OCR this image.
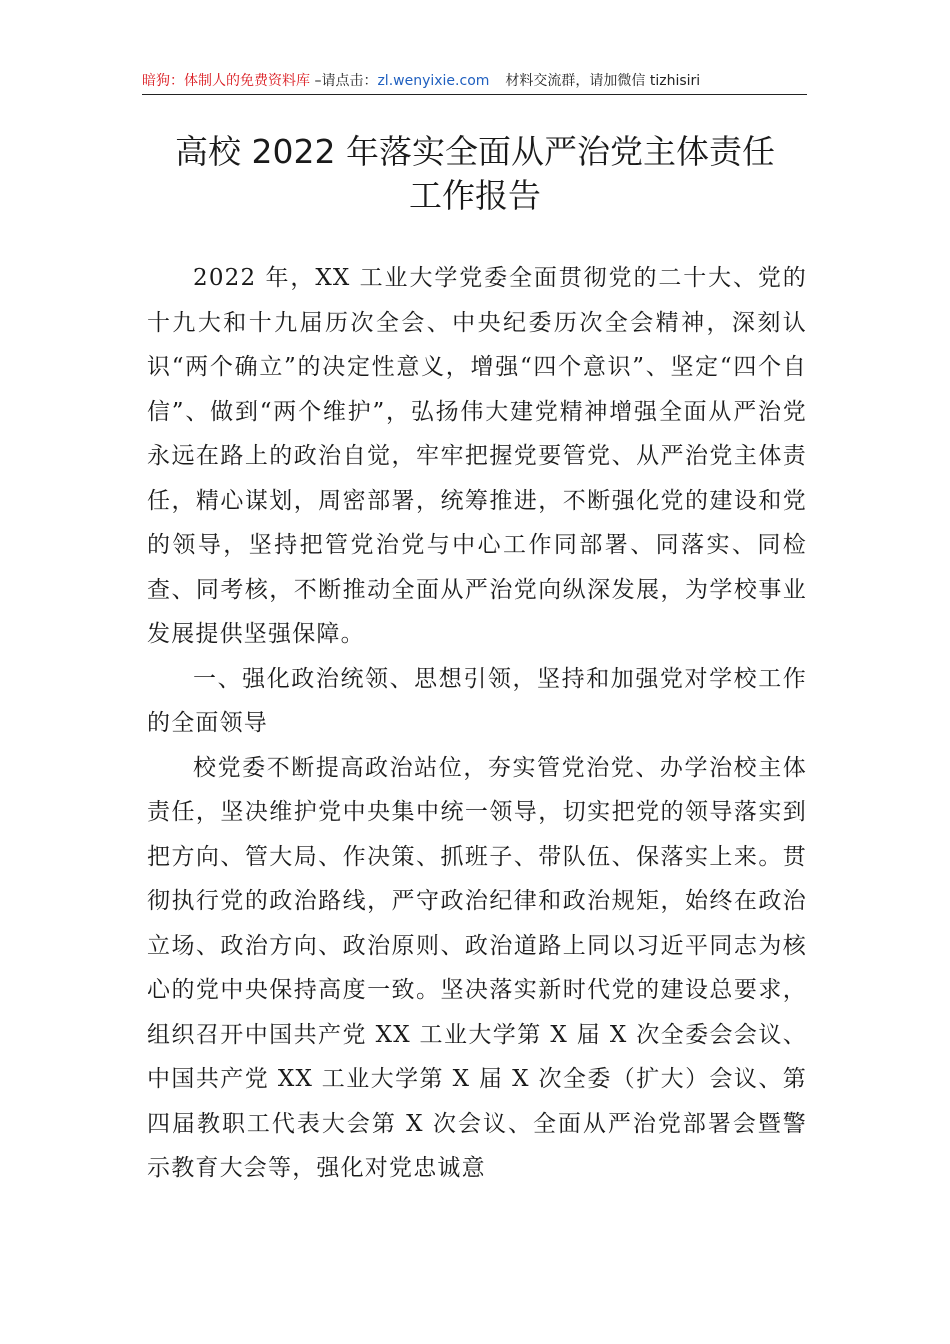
暗狗：体制人的免费资料库 –请点击：zl.wenyixie.com 材料交流群，请加微信 tizhisiri
高校 2022 年落实全面从严治党主体责任
工作报告

2022 年，XX 工业大学党委全面贯彻党的二十大、党的十九大和十九届历次全会、中央纪委历次全会精神，深刻认识“两个确立”的决定性意义，增强“四个意识”、坚定“四个自信”、做到“两个维护”，弘扬伟大建党精神增强全面从严治党永远在路上的政治自觉，牢牢把握党要管党、从严治党主体责任，精心谋划，周密部署，统筹推进，不断强化党的建设和党的领导，坚持把管党治党与中心工作同部署、同落实、同检查、同考核，不断推动全面从严治党向纵深发展，为学校事业发展提供坚强保障。

一、强化政治统领、思想引领，坚持和加强党对学校工作的全面领导

校党委不断提高政治站位，夯实管党治党、办学治校主体责任，坚决维护党中央集中统一领导，切实把党的领导落实到把方向、管大局、作决策、抓班子、带队伍、保落实上来。贯彻执行党的政治路线，严守政治纪律和政治规矩，始终在政治立场、政治方向、政治原则、政治道路上同以习近平同志为核心的党中央保持高度一致。坚决落实新时代党的建设总要求，组织召开中国共产党 XX 工业大学第 X 届 X 次全委会会议、中国共产党 XX 工业大学第 X 届 X 次全委（扩大）会议、第四届教职工代表大会第 X 次会议、全面从严治党部署会暨警示教育大会等，强化对党忠诚意
